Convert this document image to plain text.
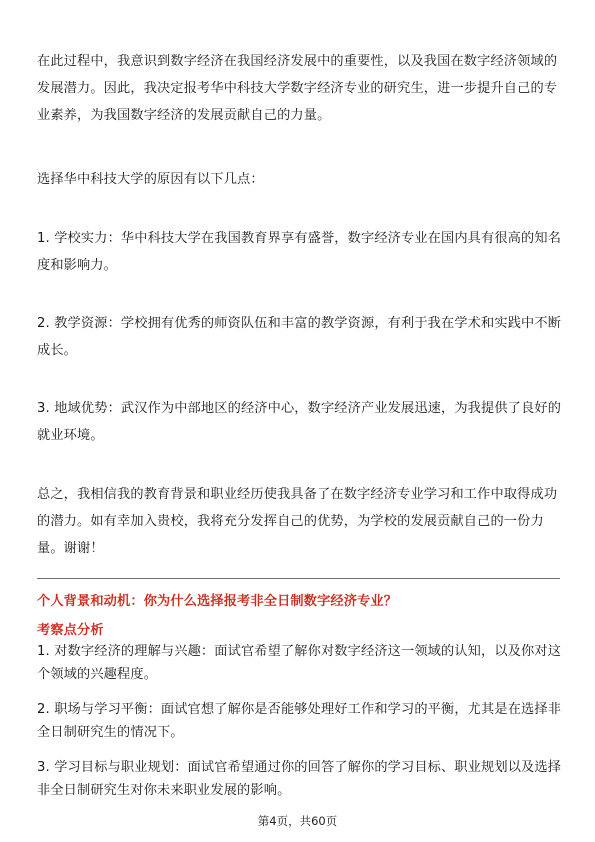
在此过程中，我意识到数字经济在我国经济发展中的重要性，以及我国在数字经济领域的发展潜力。因此，我决定报考华中科技大学数字经济专业的研究生，进一步提升自己的专业素养，为我国数字经济的发展贡献自己的力量。

选择华中科技大学的原因有以下几点：

1. 学校实力：华中科技大学在我国教育界享有盛誉，数字经济专业在国内具有很高的知名度和影响力。

2. 教学资源：学校拥有优秀的师资队伍和丰富的教学资源，有利于我在学术和实践中不断成长。

3. 地域优势：武汉作为中部地区的经济中心，数字经济产业发展迅速，为我提供了良好的就业环境。

总之，我相信我的教育背景和职业经历使我具备了在数字经济专业学习和工作中取得成功的潜力。如有幸加入贵校，我将充分发挥自己的优势，为学校的发展贡献自己的一份力量。谢谢！

个人背景和动机：你为什么选择报考非全日制数字经济专业？

考察点分析

1. 对数字经济的理解与兴趣：面试官希望了解你对数字经济这一领域的认知，以及你对这个领域的兴趣程度。

2. 职场与学习平衡：面试官想了解你是否能够处理好工作和学习的平衡，尤其是在选择非全日制研究生的情况下。

3. 学习目标与职业规划：面试官希望通过你的回答了解你的学习目标、职业规划以及选择非全日制研究生对你未来职业发展的影响。

第4页，共60页
